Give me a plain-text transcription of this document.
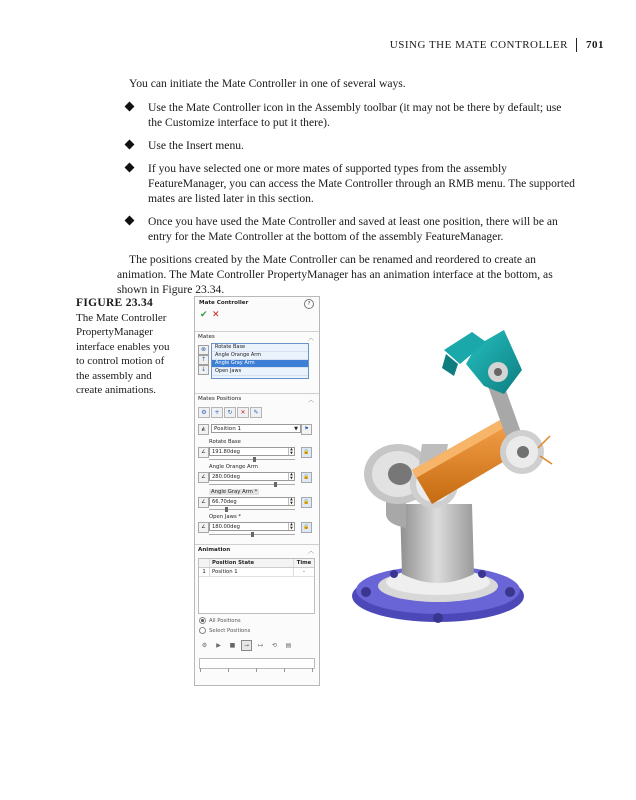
USING THE MATE CONTROLLER	701

You can initiate the Mate Controller in one of several ways.

Use the Mate Controller icon in the Assembly toolbar (it may not be there by default; use the Customize interface to put it there).
Use the Insert menu.
If you have selected one or more mates of supported types from the assembly FeatureManager, you can access the Mate Controller through an RMB menu. The supported mates are listed later in this section.
Once you have used the Mate Controller and saved at least one position, there will be an entry for the Mate Controller at the bottom of the assembly FeatureManager.

The positions created by the Mate Controller can be renamed and reordered to create an animation. The Mate Controller PropertyManager has an animation interface at the bottom, as shown in Figure 23.34.

FIGURE 23.34
The Mate Controller PropertyManager interface enables you to control motion of the assembly and create animations.
Mate Controller	?
✔ ✕
Mates	︿
⊗
↑
↓
Rotate Base
Angle Orange Arm
Angle Gray Arm
Open Jaws
Mates Positions	︿
⚙	+	↻	✕	✎
◭	Position 1	▼	⚑
Rotate Base
∠	191.80deg	▲
▼	🔒
Angle Orange Arm
∠	280.00deg	▲
▼	🔒
Angle Gray Arm *
∠	66.70deg	▲
▼	🔒
Open Jaws *
∠	180.00deg	▲
▼	🔒
Animation	︿
Position State	Time
1	Position 1	-
All Positions
Select Positions
⚙	▶	■	→	↦	⟲	▤
